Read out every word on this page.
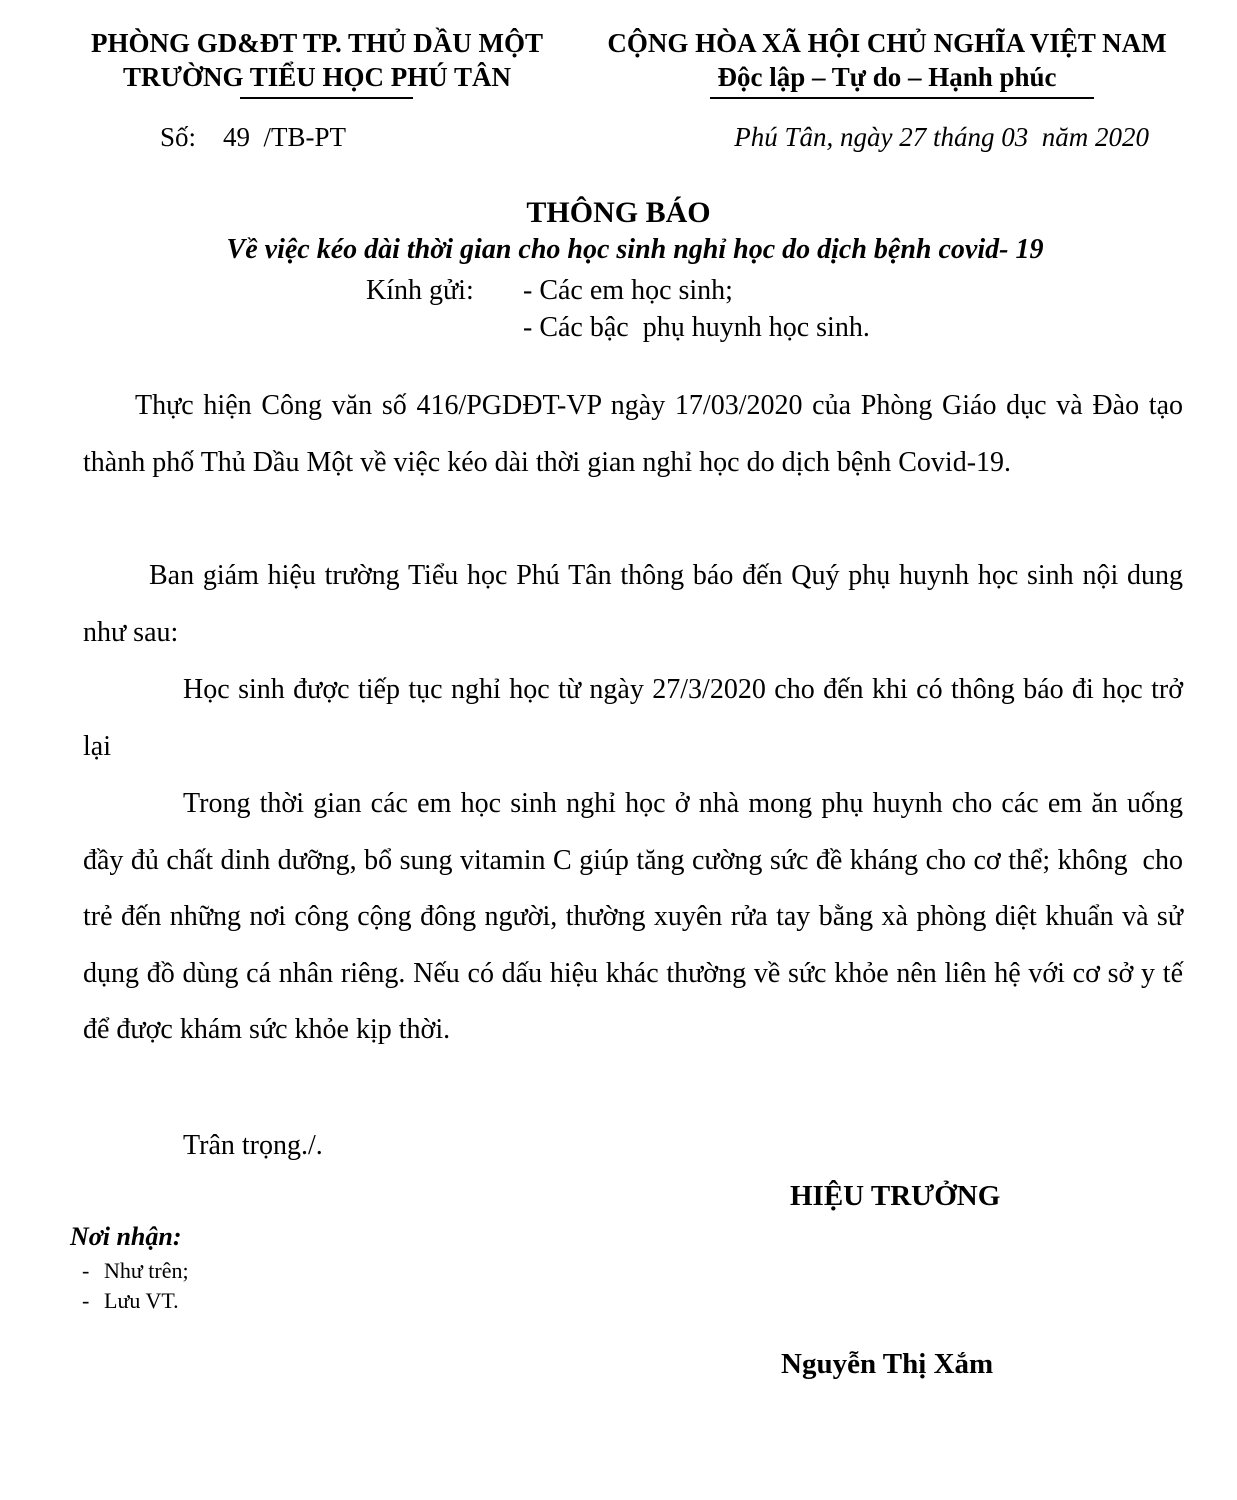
PHÒNG GD&ĐT TP. THỦ DẦU MỘT
TRƯỜNG TIỂU HỌC PHÚ TÂN
CỘNG HÒA XÃ HỘI CHỦ NGHĨA VIỆT NAM
Độc lập – Tự do – Hạnh phúc
Số:    49  /TB-PT	Phú Tân, ngày 27 tháng 03  năm 2020
THÔNG BÁO
Về việc kéo dài thời gian cho học sinh nghỉ học do dịch bệnh covid- 19
Kính gửi: - Các em học sinh;
- Các bậc  phụ huynh học sinh.
Thực hiện Công văn số 416/PGDĐT-VP ngày 17/03/2020 của Phòng Giáo dục và Đào tạo thành phố Thủ Dầu Một về việc kéo dài thời gian nghỉ học do dịch bệnh Covid-19.
Ban giám hiệu trường Tiểu học Phú Tân thông báo đến Quý phụ huynh học sinh nội dung như sau:
Học sinh được tiếp tục nghỉ học từ ngày 27/3/2020 cho đến khi có thông báo đi học trở lại
Trong thời gian các em học sinh nghỉ học ở nhà mong phụ huynh cho các em ăn uống đầy đủ chất dinh dưỡng, bổ sung vitamin C giúp tăng cường sức đề kháng cho cơ thể; không  cho trẻ đến những nơi công cộng đông người, thường xuyên rửa tay bằng xà phòng diệt khuẩn và sử dụng đồ dùng cá nhân riêng. Nếu có dấu hiệu khác thường về sức khỏe nên liên hệ với cơ sở y tế để được khám sức khỏe kịp thời.
Trân trọng./.
HIỆU TRƯỞNG
Nguyễn Thị Xắm
Nơi nhận:
- Như trên;
- Lưu VT.
